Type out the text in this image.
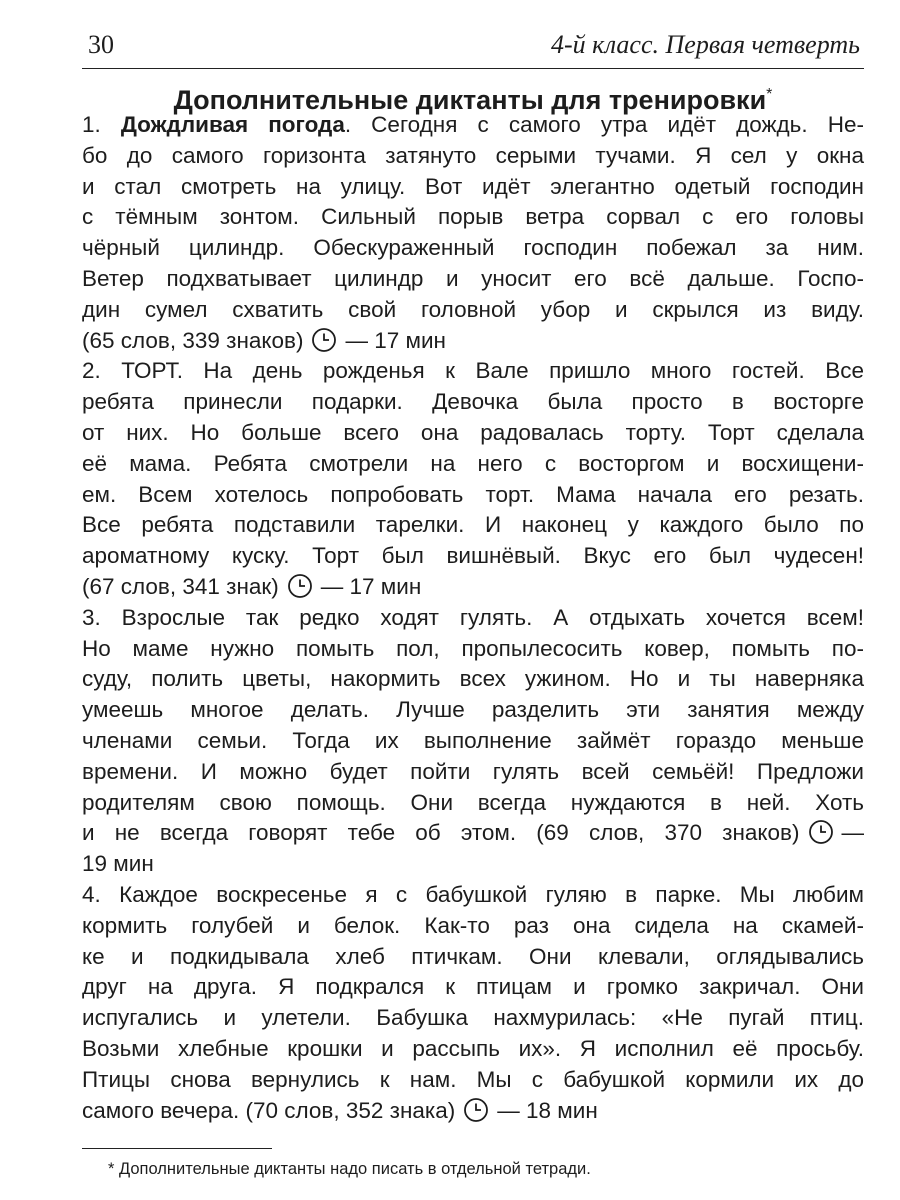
30	4-й класс. Первая четверть
Дополнительные диктанты для тренировки*
1. Дождливая погода. Сегодня с самого утра идёт дождь. Не-
бо до самого горизонта затянуто серыми тучами. Я сел у окна
и стал смотреть на улицу. Вот идёт элегантно одетый господин
с тёмным зонтом. Сильный порыв ветра сорвал с его головы
чёрный цилиндр. Обескураженный господин побежал за ним.
Ветер подхватывает цилиндр и уносит его всё дальше. Госпо-
дин сумел схватить свой головной убор и скрылся из виду.
(65 слов, 339 знаков) — 17 мин
2. ТОРТ. На день рожденья к Вале пришло много гостей. Все
ребята принесли подарки. Девочка была просто в восторге
от них. Но больше всего она радовалась торту. Торт сделала
её мама. Ребята смотрели на него с восторгом и восхищени-
ем. Всем хотелось попробовать торт. Мама начала его резать.
Все ребята подставили тарелки. И наконец у каждого было по
ароматному куску. Торт был вишнёвый. Вкус его был чудесен!
(67 слов, 341 знак) — 17 мин
3. Взрослые так редко ходят гулять. А отдыхать хочется всем!
Но маме нужно помыть пол, пропылесосить ковер, помыть по-
суду, полить цветы, накормить всех ужином. Но и ты наверняка
умеешь многое делать. Лучше разделить эти занятия между
членами семьи. Тогда их выполнение займёт гораздо меньше
времени. И можно будет пойти гулять всей семьёй! Предложи
родителям свою помощь. Они всегда нуждаются в ней. Хоть
и не всегда говорят тебе об этом. (69 слов, 370 знаков) —
19 мин
4. Каждое воскресенье я с бабушкой гуляю в парке. Мы любим
кормить голубей и белок. Как-то раз она сидела на скамей-
ке и подкидывала хлеб птичкам. Они клевали, оглядывались
друг на друга. Я подкрался к птицам и громко закричал. Они
испугались и улетели. Бабушка нахмурилась: «Не пугай птиц.
Возьми хлебные крошки и рассыпь их». Я исполнил её просьбу.
Птицы снова вернулись к нам. Мы с бабушкой кормили их до
самого вечера. (70 слов, 352 знака) — 18 мин
* Дополнительные диктанты надо писать в отдельной тетради.
